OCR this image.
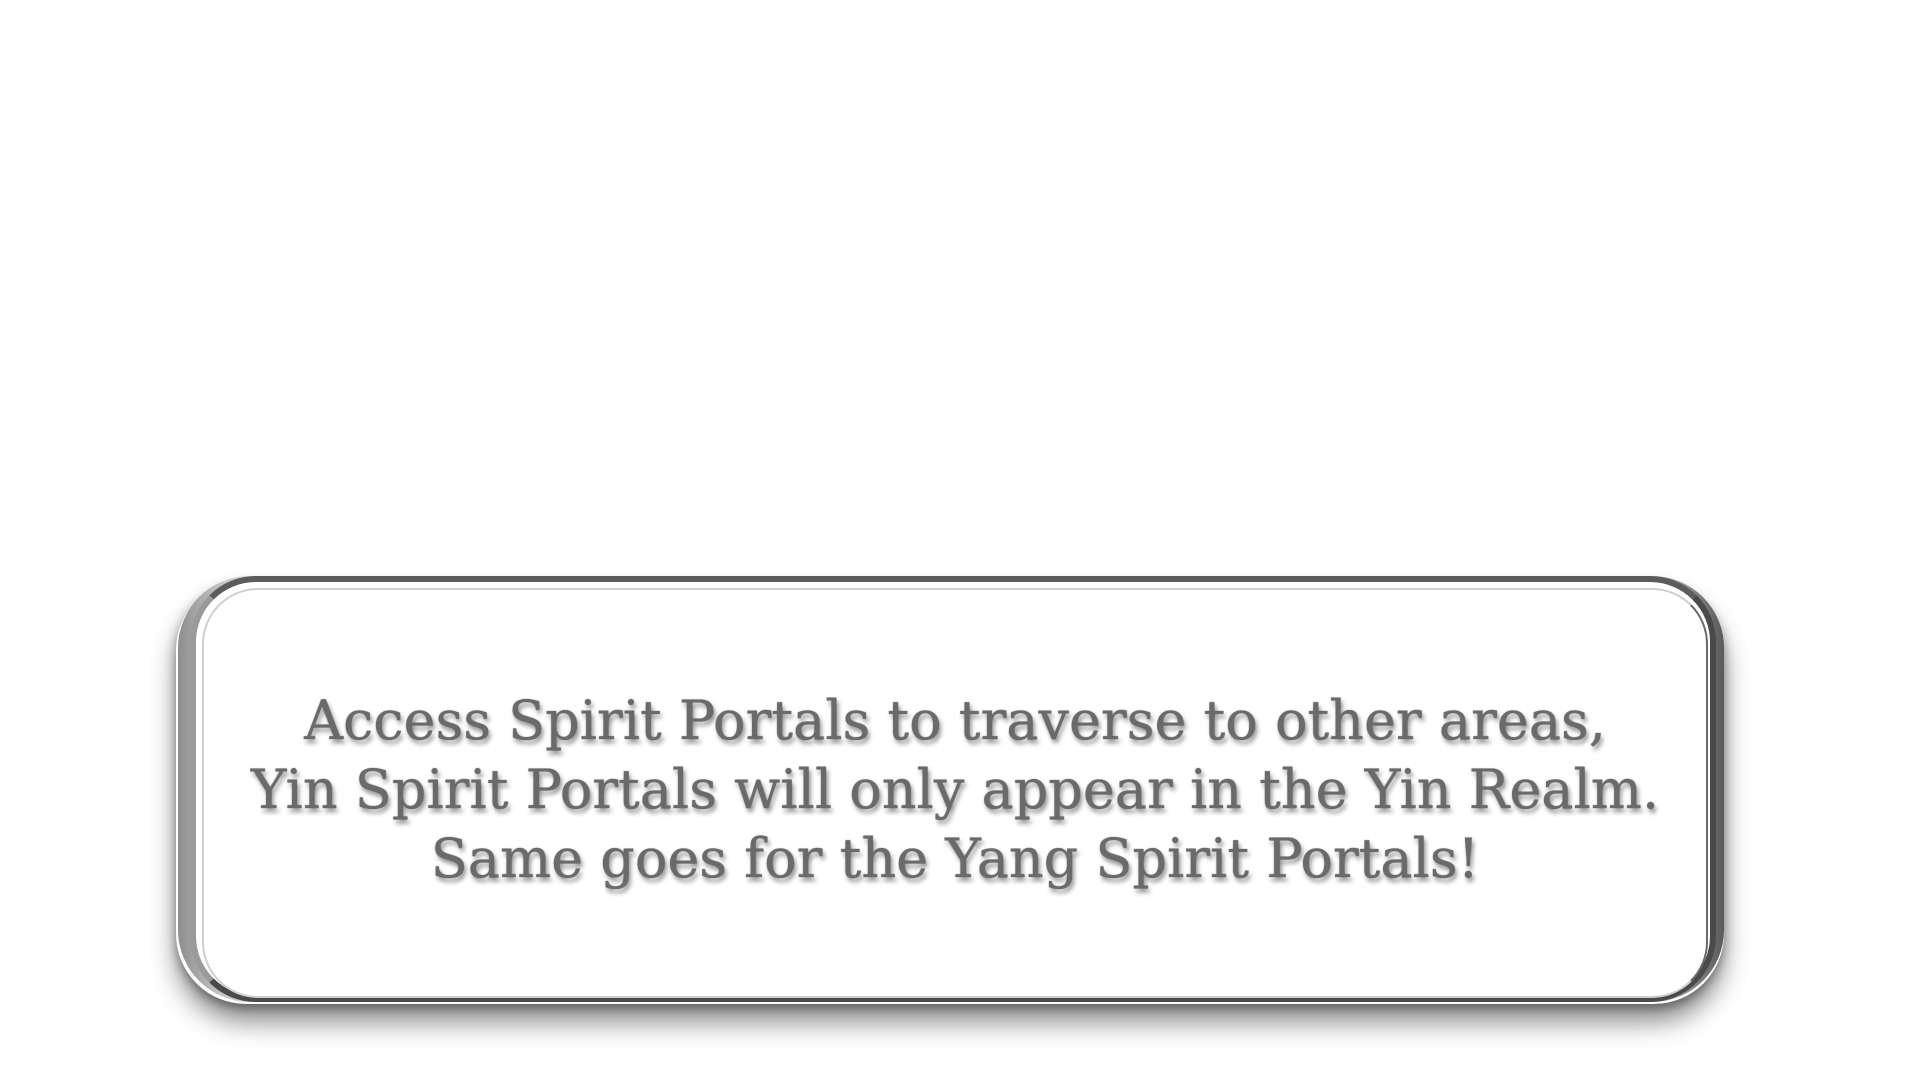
Access Spirit Portals to traverse to other areas,
Yin Spirit Portals will only appear in the Yin Realm.
Same goes for the Yang Spirit Portals!
